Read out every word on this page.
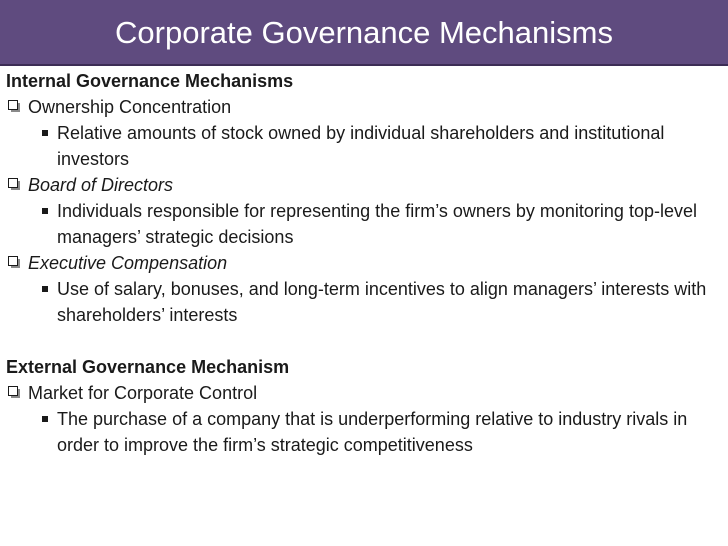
Corporate Governance Mechanisms
Internal Governance Mechanisms
Ownership Concentration
Relative amounts of stock owned by individual shareholders and institutional investors
Board of Directors
Individuals responsible for representing the firm’s owners by monitoring top-level managers’ strategic decisions
Executive Compensation
Use of salary, bonuses, and long-term incentives to align managers’ interests with shareholders’ interests
External Governance Mechanism
Market for Corporate Control
The purchase of a company that is underperforming relative to industry rivals in order to improve the firm’s strategic competitiveness
